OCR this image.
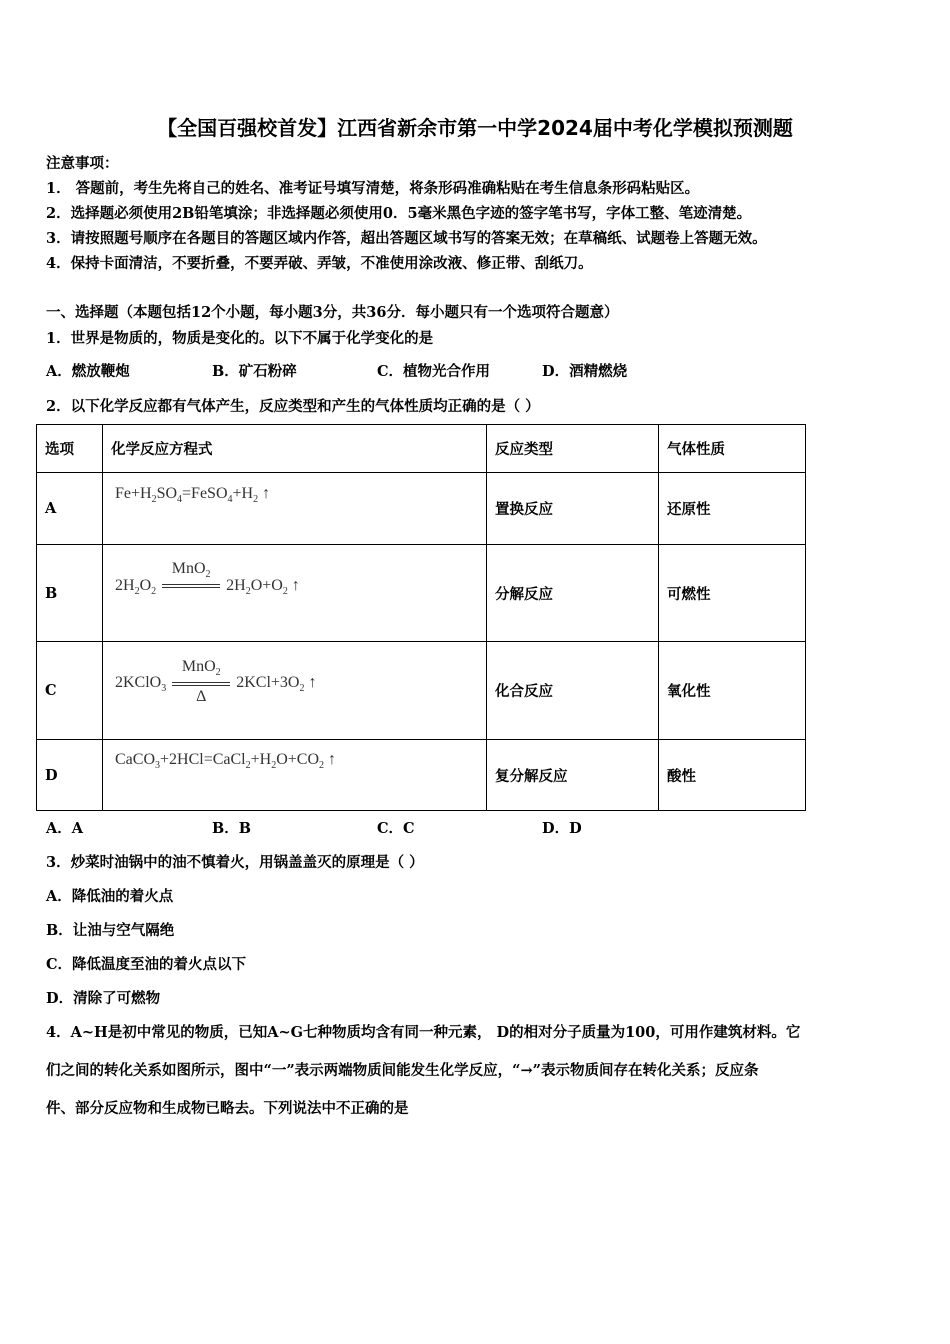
【全国百强校首发】江西省新余市第一中学2024届中考化学模拟预测题
注意事项：
1． 答题前，考生先将自己的姓名、准考证号填写清楚，将条形码准确粘贴在考生信息条形码粘贴区。
2．选择题必须使用2B铅笔填涂；非选择题必须使用0．5毫米黑色字迹的签字笔书写，字体工整、笔迹清楚。
3．请按照题号顺序在各题目的答题区域内作答，超出答题区域书写的答案无效；在草稿纸、试题卷上答题无效。
4．保持卡面清洁，不要折叠，不要弄破、弄皱，不准使用涂改液、修正带、刮纸刀。
一、选择题（本题包括12个小题，每小题3分，共36分．每小题只有一个选项符合题意）
1．世界是物质的，物质是变化的。以下不属于化学变化的是
A．燃放鞭炮	B．矿石粉碎	C．植物光合作用	D．酒精燃烧
2．以下化学反应都有气体产生，反应类型和产生的气体性质均正确的是（ ）
选项	化学反应方程式	反应类型	气体性质

A	$Fe+H_2SO_4=FeSO_4+H_2$ ↑	置换反应	还原性

B	$2H_2O_2$
MnO$_2$
$2H_2O+O_2$ ↑	分解反应	可燃性

C	2KClO$_3$ $\frac{MnO_2}{\Delta} 2KCl+3O_2$ ↑	化合反应	氧化性

D	$CaCO_3+2HCl=CaCl_2+H_2O+CO_2$ ↑	复分解反应	酸性
A．A	B．B	C．C	D．D
3．炒菜时油锅中的油不慎着火，用锅盖盖灭的原理是（ ）
A．降低油的着火点
B．让油与空气隔绝
C．降低温度至油的着火点以下
D．清除了可燃物
4．A~H是初中常见的物质，已知A~G七种物质均含有同一种元素， D的相对分子质量为100，可用作建筑材料。它
们之间的转化关系如图所示，图中“一”表示两端物质间能发生化学反应，“→”表示物质间存在转化关系；反应条
件、部分反应物和生成物已略去。下列说法中不正确的是
